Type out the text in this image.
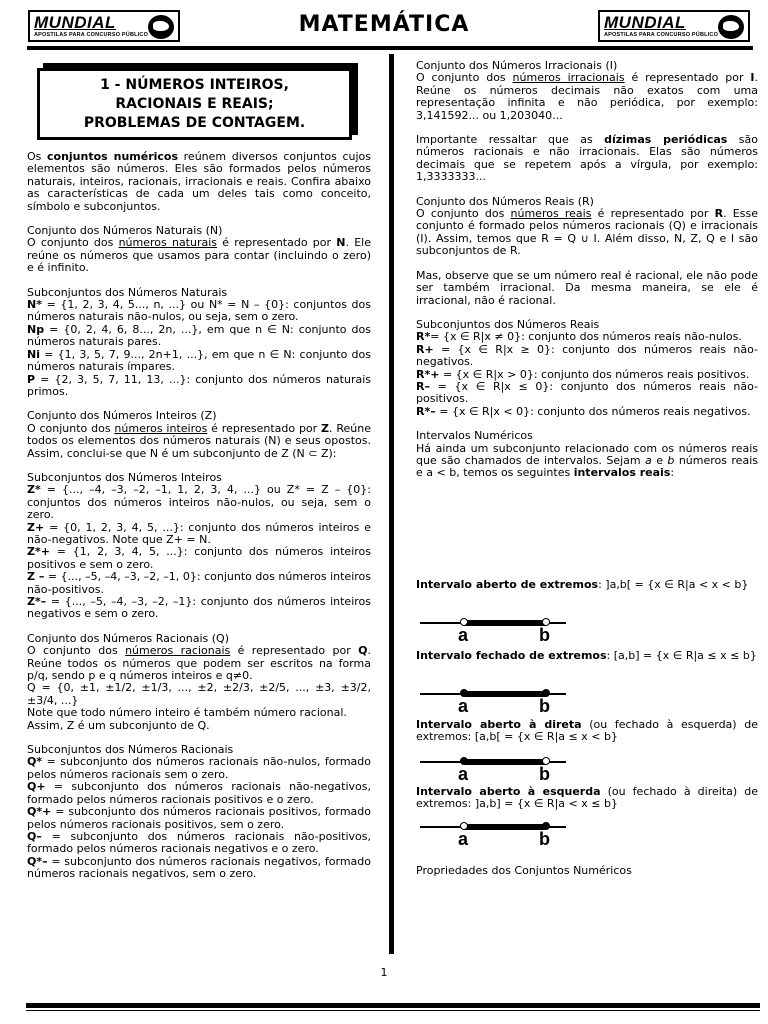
MUNDIAL
APOSTILAS PARA CONCURSO PÚBLICO	MATEMÁTICA	MUNDIAL
APOSTILAS PARA CONCURSO PÚBLICO
1 - NÚMEROS INTEIROS,
RACIONAIS E REAIS;
PROBLEMAS DE CONTAGEM.

Os conjuntos numéricos reúnem diversos conjuntos cujos elementos são números. Eles são formados pelos números naturais, inteiros, racionais, irracionais e reais. Confira abaixo as características de cada um deles tais como conceito, símbolo e subconjuntos.

Conjunto dos Números Naturais (N)

O conjunto dos números naturais é representado por N. Ele reúne os números que usamos para contar (incluindo o zero) e é infinito.

Subconjuntos dos Números Naturais

N* = {1, 2, 3, 4, 5..., n, ...} ou N* = N – {0}: conjuntos dos números naturais não-nulos, ou seja, sem o zero.

Np = {0, 2, 4, 6, 8..., 2n, ...}, em que n ∈ N: conjunto dos números naturais pares.

Ni = {1, 3, 5, 7, 9..., 2n+1, ...}, em que n ∈ N: conjunto dos números naturais ímpares.

P = {2, 3, 5, 7, 11, 13, ...}: conjunto dos números naturais primos.

Conjunto dos Números Inteiros (Z)

O conjunto dos números inteiros é representado por Z. Reúne todos os elementos dos números naturais (N) e seus opostos. Assim, conclui-se que N é um subconjunto de Z (N ⊂ Z):

Subconjuntos dos Números Inteiros

Z* = {..., –4, –3, –2, –1, 1, 2, 3, 4, ...} ou Z* = Z – {0}: conjuntos dos números inteiros não-nulos, ou seja, sem o zero.

Z+ = {0, 1, 2, 3, 4, 5, ...}: conjunto dos números inteiros e não-negativos. Note que Z+ = N.

Z*+ = {1, 2, 3, 4, 5, ...}: conjunto dos números inteiros positivos e sem o zero.

Z – = {..., –5, –4, –3, –2, –1, 0}: conjunto dos números inteiros não-positivos.

Z*– = {..., –5, –4, –3, –2, –1}: conjunto dos números inteiros negativos e sem o zero.

Conjunto dos Números Racionais (Q)

O conjunto dos números racionais é representado por Q. Reúne todos os números que podem ser escritos na forma p/q, sendo p e q números inteiros e q≠0.

Q = {0, ±1, ±1/2, ±1/3, ..., ±2, ±2/3, ±2/5, ..., ±3, ±3/2, ±3/4, ...}

Note que todo número inteiro é também número racional. Assim, Z é um subconjunto de Q.

Subconjuntos dos Números Racionais

Q* = subconjunto dos números racionais não-nulos, formado pelos números racionais sem o zero.

Q+ = subconjunto dos números racionais não-negativos, formado pelos números racionais positivos e o zero.

Q*+ = subconjunto dos números racionais positivos, formado pelos números racionais positivos, sem o zero.

Q– = subconjunto dos números racionais não-positivos, formado pelos números racionais negativos e o zero.

Q*– = subconjunto dos números racionais negativos, formado números racionais negativos, sem o zero.

Conjunto dos Números Irracionais (I)

O conjunto dos números irracionais é representado por I. Reúne os números decimais não exatos com uma representação infinita e não periódica, por exemplo: 3,141592... ou 1,203040...

Importante ressaltar que as dízimas periódicas são números racionais e não irracionais. Elas são números decimais que se repetem após a vírgula, por exemplo: 1,3333333...

Conjunto dos Números Reais (R)

O conjunto dos números reais é representado por R. Esse conjunto é formado pelos números racionais (Q) e irracionais (I). Assim, temos que R = Q ∪ I. Além disso, N, Z, Q e I são subconjuntos de R.

Mas, observe que se um número real é racional, ele não pode ser também irracional. Da mesma maneira, se ele é irracional, não é racional.

Subconjuntos dos Números Reais

R*= {x ∈ R|x ≠ 0}: conjunto dos números reais não-nulos.

R+ = {x ∈ R|x ≥ 0}: conjunto dos números reais não-negativos.

R*+ = {x ∈ R|x > 0}: conjunto dos números reais positivos.

R– = {x ∈ R|x ≤ 0}: conjunto dos números reais não-positivos.

R*– = {x ∈ R|x < 0}: conjunto dos números reais negativos.

Intervalos Numéricos

Há ainda um subconjunto relacionado com os números reais que são chamados de intervalos. Sejam a e b números reais e a < b, temos os seguintes intervalos reais:

Intervalo aberto de extremos: ]a,b[ = {x ∈ R|a < x < b}

a	b

Intervalo fechado de extremos: [a,b] = {x ∈ R|a ≤ x ≤ b}

a	b

Intervalo aberto à direta (ou fechado à esquerda) de extremos: [a,b[ = {x ∈ R|a ≤ x < b}

a	b

Intervalo aberto à esquerda (ou fechado à direita) de extremos: ]a,b] = {x ∈ R|a < x ≤ b}

a	b

Propriedades dos Conjuntos Numéricos

1
